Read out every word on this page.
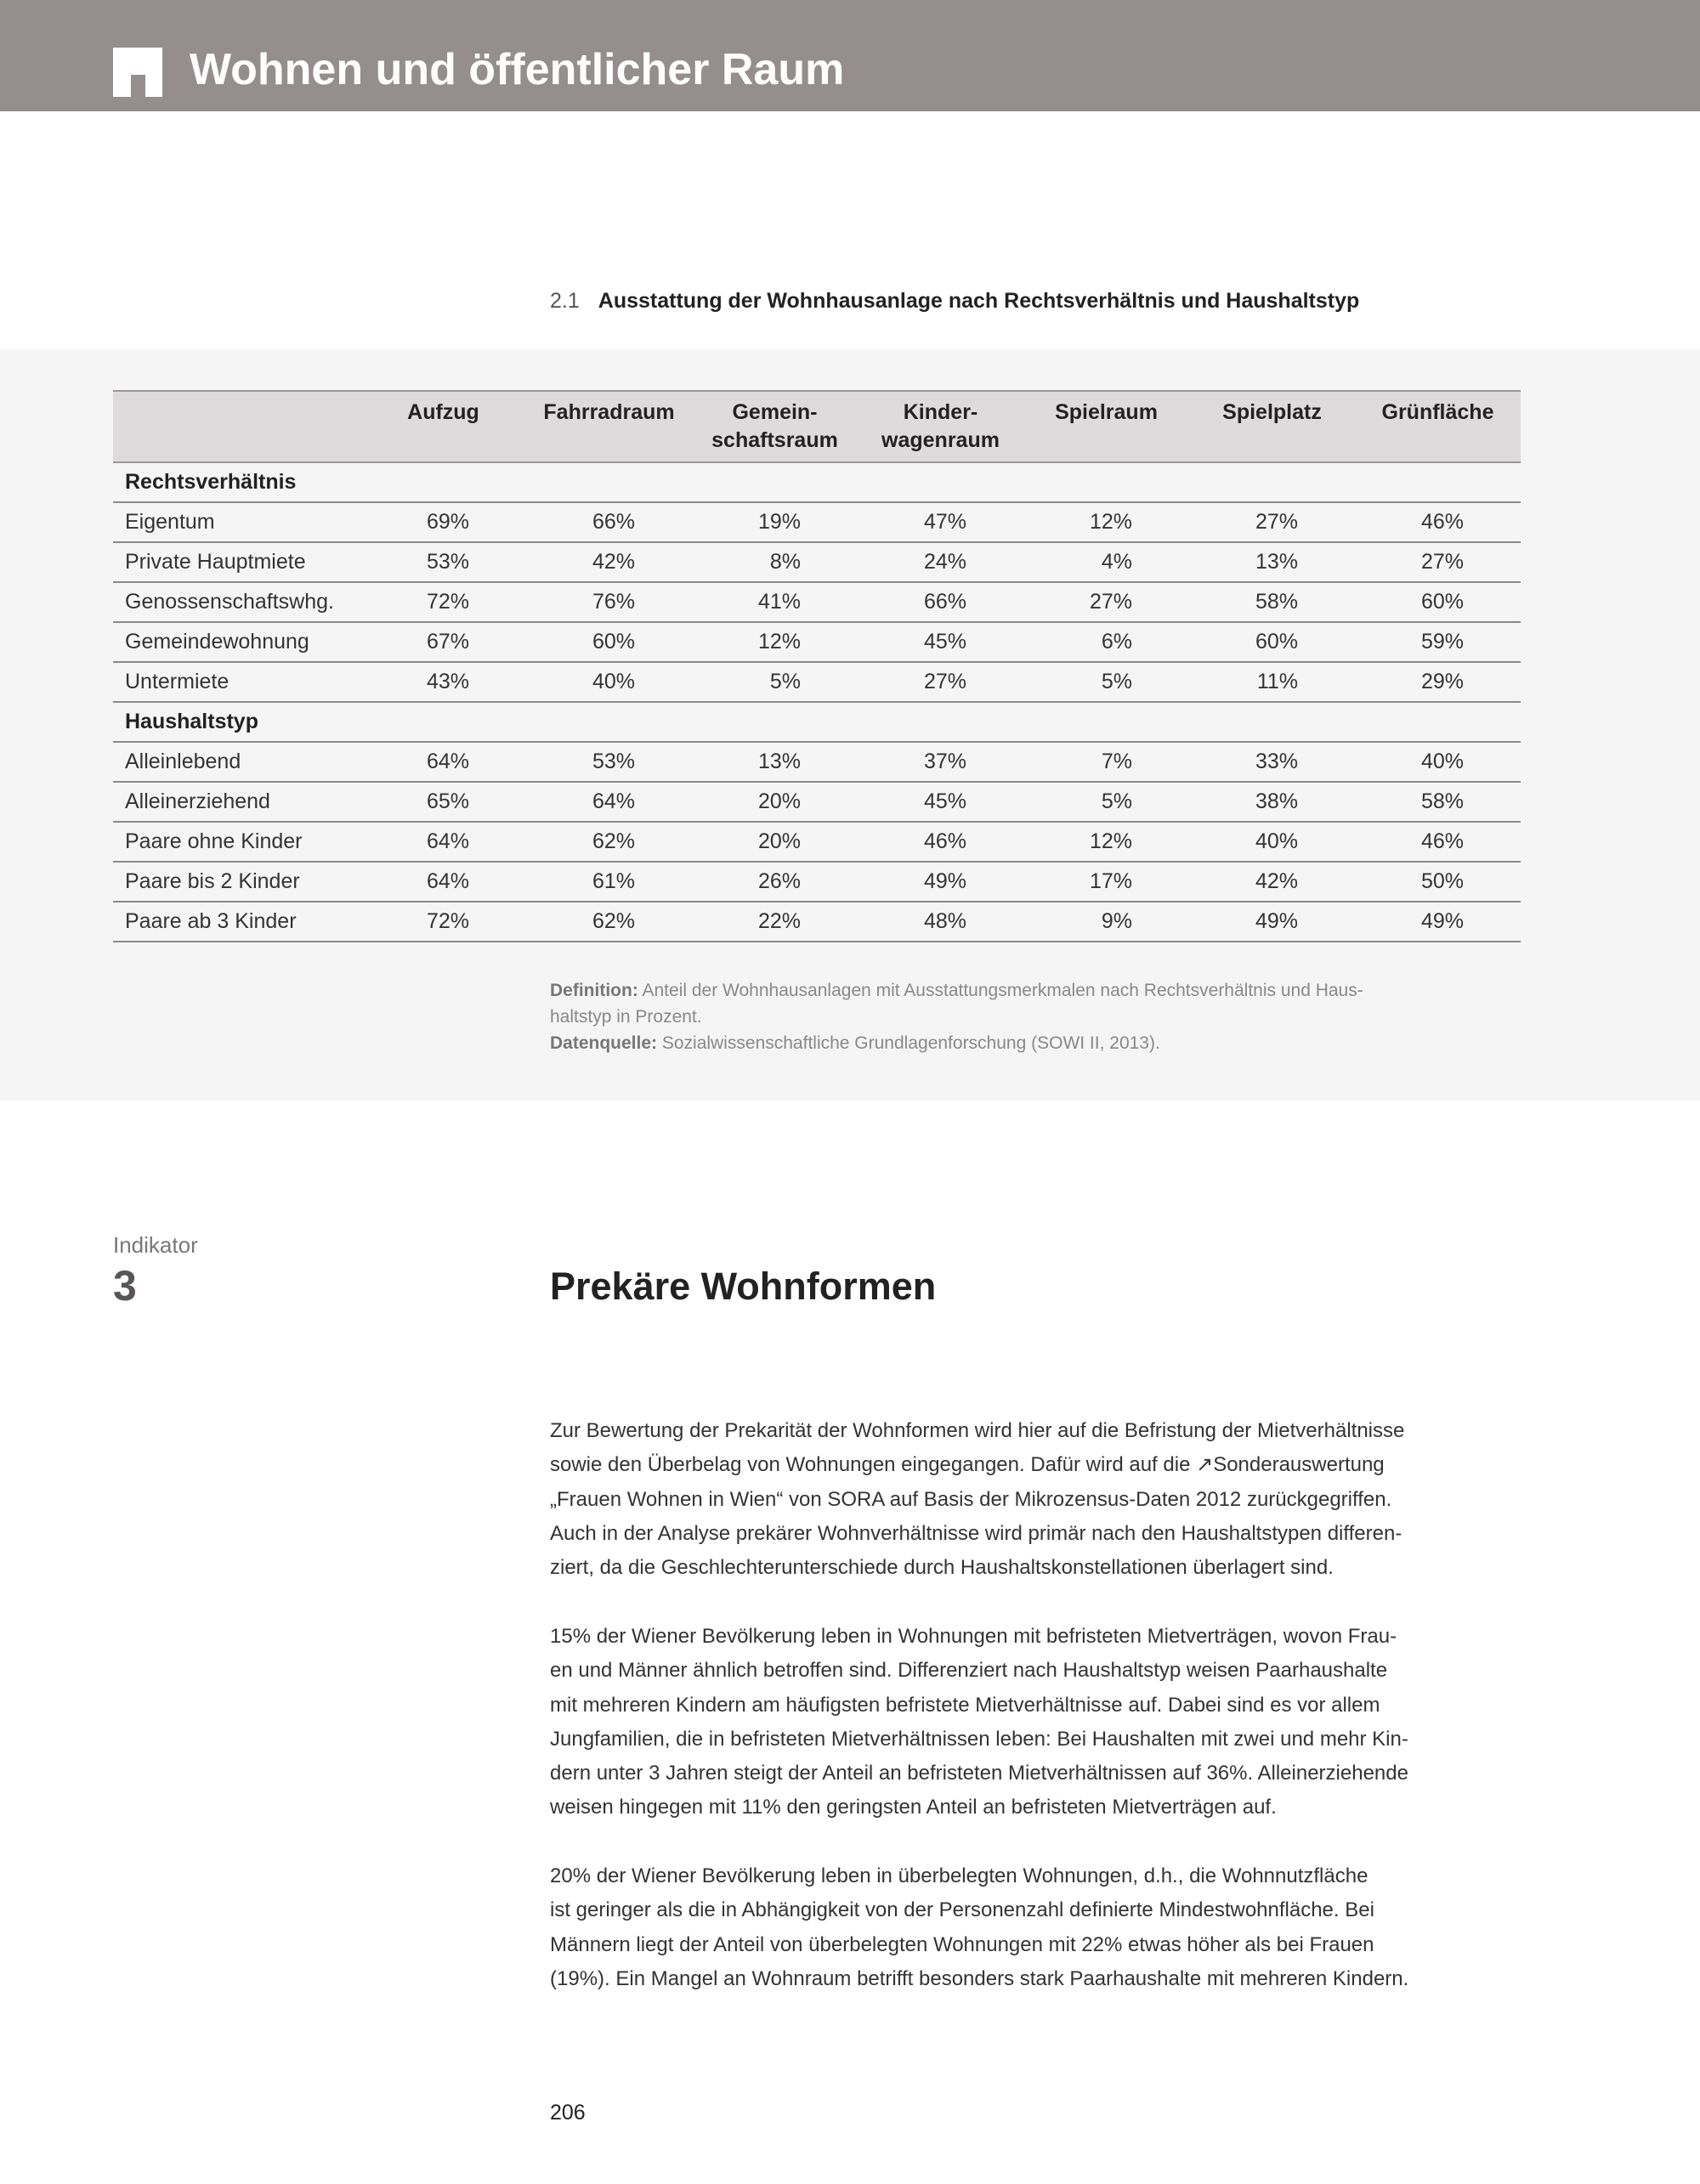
Wohnen und öffentlicher Raum
2.1 Ausstattung der Wohnhausanlage nach Rechtsverhältnis und Haushaltstyp
	Aufzug	Fahrradraum	Gemein-
schaftsraum	Kinder-
wagenraum	Spielraum	Spielplatz	Grünfläche
Rechtsverhältnis							
Eigentum	69%	66%	19%	47%	12%	27%	46%
Private Hauptmiete	53%	42%	8%	24%	4%	13%	27%
Genossenschaftswhg.	72%	76%	41%	66%	27%	58%	60%
Gemeindewohnung	67%	60%	12%	45%	6%	60%	59%
Untermiete	43%	40%	5%	27%	5%	11%	29%
Haushaltstyp							
Alleinlebend	64%	53%	13%	37%	7%	33%	40%
Alleinerziehend	65%	64%	20%	45%	5%	38%	58%
Paare ohne Kinder	64%	62%	20%	46%	12%	40%	46%
Paare bis 2 Kinder	64%	61%	26%	49%	17%	42%	50%
Paare ab 3 Kinder	72%	62%	22%	48%	9%	49%	49%
Definition: Anteil der Wohnhausanlagen mit Ausstattungsmerkmalen nach Rechtsverhältnis und Haus-
haltstyp in Prozent.
Datenquelle: Sozialwissenschaftliche Grundlagenforschung (SOWI II, 2013).
Indikator
3	Prekäre Wohnformen
Zur Bewertung der Prekarität der Wohnformen wird hier auf die Befristung der Mietverhältnisse
sowie den Überbelag von Wohnungen eingegangen. Dafür wird auf die ↗Sonderauswertung
„Frauen Wohnen in Wien“ von SORA auf Basis der Mikrozensus-Daten 2012 zurückgegriffen.
Auch in der Analyse prekärer Wohnverhältnisse wird primär nach den Haushaltstypen differen-
ziert, da die Geschlechterunterschiede durch Haushaltskonstellationen überlagert sind.
15% der Wiener Bevölkerung leben in Wohnungen mit befristeten Mietverträgen, wovon Frau-
en und Männer ähnlich betroffen sind. Differenziert nach Haushaltstyp weisen Paarhaushalte
mit mehreren Kindern am häufigsten befristete Mietverhältnisse auf. Dabei sind es vor allem
Jungfamilien, die in befristeten Mietverhältnissen leben: Bei Haushalten mit zwei und mehr Kin-
dern unter 3 Jahren steigt der Anteil an befristeten Mietverhältnissen auf 36%. Alleinerziehende
weisen hingegen mit 11% den geringsten Anteil an befristeten Mietverträgen auf.
20% der Wiener Bevölkerung leben in überbelegten Wohnungen, d.h., die Wohnnutzfläche
ist geringer als die in Abhängigkeit von der Personenzahl definierte Mindestwohnfläche. Bei
Männern liegt der Anteil von überbelegten Wohnungen mit 22% etwas höher als bei Frauen
(19%). Ein Mangel an Wohnraum betrifft besonders stark Paarhaushalte mit mehreren Kindern.
206
